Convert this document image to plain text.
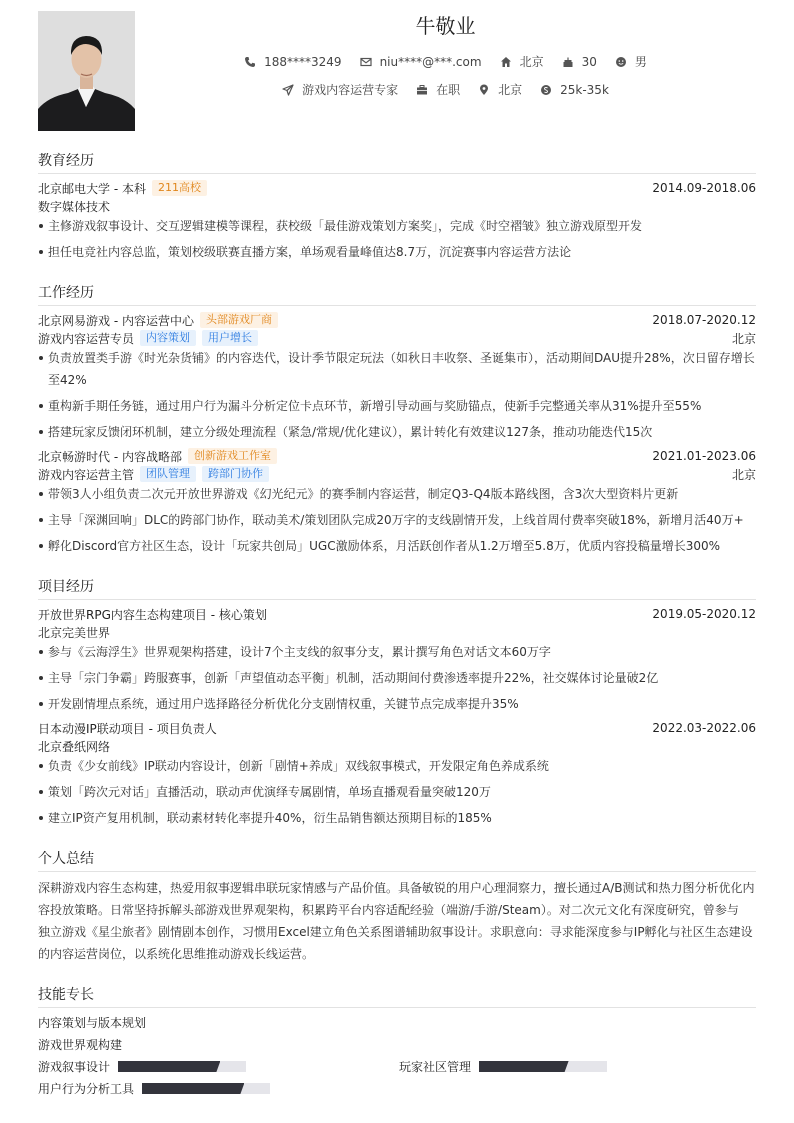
牛敬业
188****3249	niu****@***.com	北京	30	男
游戏内容运营专家	在职	北京	25k-35k
教育经历
北京邮电大学 - 本科	211高校	2014.09-2018.06
数字媒体技术
主修游戏叙事设计、交互逻辑建模等课程，获校级「最佳游戏策划方案奖」，完成《时空褶皱》独立游戏原型开发
担任电竞社内容总监，策划校级联赛直播方案，单场观看量峰值达8.7万，沉淀赛事内容运营方法论
工作经历
北京网易游戏 - 内容运营中心	头部游戏厂商	2018.07-2020.12
游戏内容运营专员	内容策划	用户增长	北京
负责放置类手游《时光杂货铺》的内容迭代，设计季节限定玩法（如秋日丰收祭、圣诞集市），活动期间DAU提升28%，次日留存增长
至42%
重构新手期任务链，通过用户行为漏斗分析定位卡点环节，新增引导动画与奖励锚点，使新手完整通关率从31%提升至55%
搭建玩家反馈闭环机制，建立分级处理流程（紧急/常规/优化建议），累计转化有效建议127条，推动功能迭代15次
北京畅游时代 - 内容战略部	创新游戏工作室	2021.01-2023.06
游戏内容运营主管	团队管理	跨部门协作	北京
带领3人小组负责二次元开放世界游戏《幻光纪元》的赛季制内容运营，制定Q3-Q4版本路线图，含3次大型资料片更新
主导「深渊回响」DLC的跨部门协作，联动美术/策划团队完成20万字的支线剧情开发，上线首周付费率突破18%，新增月活40万+
孵化Discord官方社区生态，设计「玩家共创局」UGC激励体系，月活跃创作者从1.2万增至5.8万，优质内容投稿量增长300%
项目经历
开放世界RPG内容生态构建项目 - 核心策划	2019.05-2020.12
北京完美世界
参与《云海浮生》世界观架构搭建，设计7个主支线的叙事分支，累计撰写角色对话文本60万字
主导「宗门争霸」跨服赛事，创新「声望值动态平衡」机制，活动期间付费渗透率提升22%，社交媒体讨论量破2亿
开发剧情埋点系统，通过用户选择路径分析优化分支剧情权重，关键节点完成率提升35%
日本动漫IP联动项目 - 项目负责人	2022.03-2022.06
北京叠纸网络
负责《少女前线》IP联动内容设计，创新「剧情+养成」双线叙事模式，开发限定角色养成系统
策划「跨次元对话」直播活动，联动声优演绎专属剧情，单场直播观看量突破120万
建立IP资产复用机制，联动素材转化率提升40%，衍生品销售额达预期目标的185%
个人总结
深耕游戏内容生态构建，热爱用叙事逻辑串联玩家情感与产品价值。具备敏锐的用户心理洞察力，擅长通过A/B测试和热力图分析优化内
容投放策略。日常坚持拆解头部游戏世界观架构，积累跨平台内容适配经验（端游/手游/Steam）。对二次元文化有深度研究，曾参与
独立游戏《星尘旅者》剧情剧本创作，习惯用Excel建立角色关系图谱辅助叙事设计。求职意向：寻求能深度参与IP孵化与社区生态建设
的内容运营岗位，以系统化思维推动游戏长线运营。
技能专长
内容策划与版本规划
游戏世界观构建
游戏叙事设计	玩家社区管理
用户行为分析工具
